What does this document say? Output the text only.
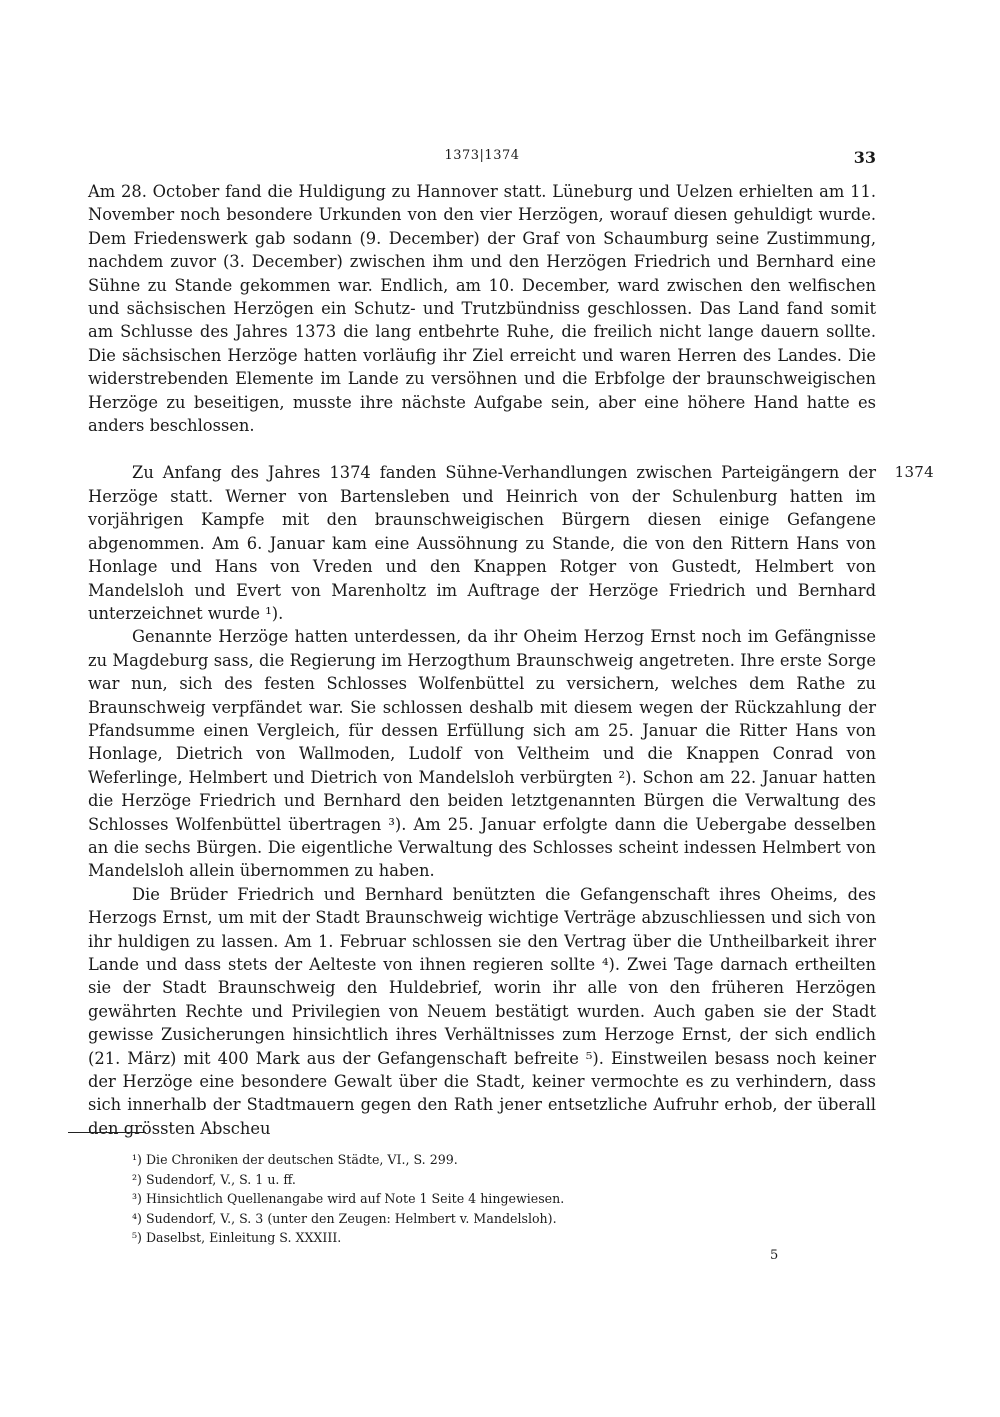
1373|1374	33

Am 28. October fand die Huldigung zu Hannover statt. Lüneburg und Uelzen erhielten am 11. November noch besondere Urkunden von den vier Herzögen, worauf diesen gehuldigt wurde. Dem Friedenswerk gab sodann (9. December) der Graf von Schaumburg seine Zustimmung, nachdem zuvor (3. December) zwischen ihm und den Herzögen Friedrich und Bernhard eine Sühne zu Stande gekommen war. Endlich, am 10. December, ward zwischen den welfischen und sächsischen Herzögen ein Schutz- und Trutzbündniss geschlossen. Das Land fand somit am Schlusse des Jahres 1373 die lang entbehrte Ruhe, die freilich nicht lange dauern sollte. Die sächsischen Herzöge hatten vorläufig ihr Ziel erreicht und waren Herren des Landes. Die widerstrebenden Elemente im Lande zu versöhnen und die Erbfolge der braunschweigischen Herzöge zu beseitigen, musste ihre nächste Aufgabe sein, aber eine höhere Hand hatte es anders beschlossen.

Zu Anfang des Jahres 1374 fanden Sühne-Verhandlungen zwischen Parteigängern der Herzöge statt. Werner von Bartensleben und Heinrich von der Schulenburg hatten im vorjährigen Kampfe mit den braunschweigischen Bürgern diesen einige Gefangene abgenommen. Am 6. Januar kam eine Aussöhnung zu Stande, die von den Rittern Hans von Honlage und Hans von Vreden und den Knappen Rotger von Gustedt, Helmbert von Mandelsloh und Evert von Marenholtz im Auftrage der Herzöge Friedrich und Bernhard unterzeichnet wurde ¹).

1374

Genannte Herzöge hatten unterdessen, da ihr Oheim Herzog Ernst noch im Gefängnisse zu Magdeburg sass, die Regierung im Herzogthum Braunschweig angetreten. Ihre erste Sorge war nun, sich des festen Schlosses Wolfenbüttel zu versichern, welches dem Rathe zu Braunschweig verpfändet war. Sie schlossen deshalb mit diesem wegen der Rückzahlung der Pfandsumme einen Vergleich, für dessen Erfüllung sich am 25. Januar die Ritter Hans von Honlage, Dietrich von Wallmoden, Ludolf von Veltheim und die Knappen Conrad von Weferlinge, Helmbert und Dietrich von Mandelsloh verbürgten ²). Schon am 22. Januar hatten die Herzöge Friedrich und Bernhard den beiden letztgenannten Bürgen die Verwaltung des Schlosses Wolfenbüttel übertragen ³). Am 25. Januar erfolgte dann die Uebergabe desselben an die sechs Bürgen. Die eigentliche Verwaltung des Schlosses scheint indessen Helmbert von Mandelsloh allein übernommen zu haben.

Die Brüder Friedrich und Bernhard benützten die Gefangenschaft ihres Oheims, des Herzogs Ernst, um mit der Stadt Braunschweig wichtige Verträge abzuschliessen und sich von ihr huldigen zu lassen. Am 1. Februar schlossen sie den Vertrag über die Untheilbarkeit ihrer Lande und dass stets der Aelteste von ihnen regieren sollte ⁴). Zwei Tage darnach ertheilten sie der Stadt Braunschweig den Huldebrief, worin ihr alle von den früheren Herzögen gewährten Rechte und Privilegien von Neuem bestätigt wurden. Auch gaben sie der Stadt gewisse Zusicherungen hinsichtlich ihres Verhältnisses zum Herzoge Ernst, der sich endlich (21. März) mit 400 Mark aus der Gefangenschaft befreite ⁵). Einstweilen besass noch keiner der Herzöge eine besondere Gewalt über die Stadt, keiner vermochte es zu verhindern, dass sich innerhalb der Stadtmauern gegen den Rath jener entsetzliche Aufruhr erhob, der überall den grössten Abscheu

¹) Die Chroniken der deutschen Städte, VI., S. 299.
²) Sudendorf, V., S. 1 u. ff.
³) Hinsichtlich Quellenangabe wird auf Note 1 Seite 4 hingewiesen.
⁴) Sudendorf, V., S. 3 (unter den Zeugen: Helmbert v. Mandelsloh).
⁵) Daselbst, Einleitung S. XXXIII.
5
